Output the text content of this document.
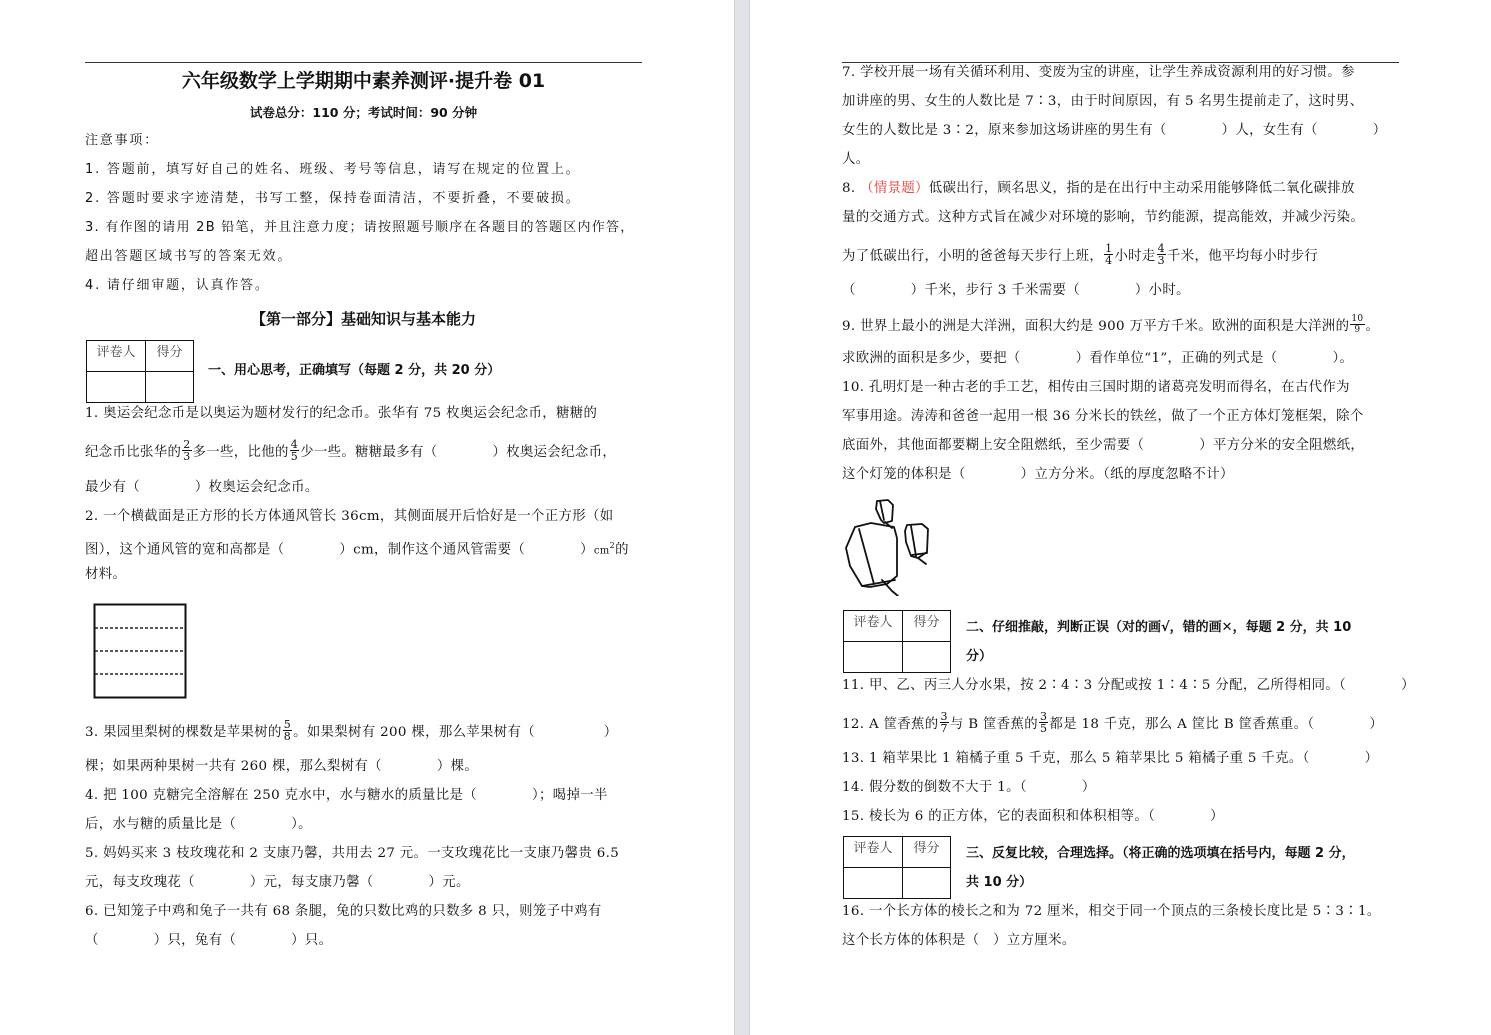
六年级数学上学期期中素养测评·提升卷 01
试卷总分：110 分；考试时间：90 分钟
注意事项：
1. 答题前，填写好自己的姓名、班级、考号等信息，请写在规定的位置上。
2. 答题时要求字迹清楚，书写工整，保持卷面清洁，不要折叠，不要破损。
3. 有作图的请用 2B 铅笔，并且注意力度；请按照题号顺序在各题目的答题区内作答，
超出答题区域书写的答案无效。
4. 请仔细审题，认真作答。
【第一部分】基础知识与基本能力
评卷人	得分

一、用心思考，正确填写（每题 2 分，共 20 分）
1. 奥运会纪念币是以奥运为题材发行的纪念币。张华有 75 枚奥运会纪念币，糖糖的
纪念币比张华的 $\frac{2}{3}$ 多一些，比他的 $\frac{4}{5}$ 少一些。糖糖最多有（　　　　）枚奥运会纪念币，
最少有（　　　　）枚奥运会纪念币。
2. 一个横截面是正方形的长方体通风管长 36cm，其侧面展开后恰好是一个正方形（如
图），这个通风管的宽和高都是（　　　　）cm，制作这个通风管需要（　　　　）$cm^2$的
材料。
3. 果园里梨树的棵数是苹果树的 $\frac{5}{8}$ 。如果梨树有 200 棵，那么苹果树有（　　　　　）
棵；如果两种果树一共有 260 棵，那么梨树有（　　　　）棵。
4. 把 100 克糖完全溶解在 250 克水中，水与糖水的质量比是（　　　　）；喝掉一半
后，水与糖的质量比是（　　　　）。
5. 妈妈买来 3 枝玫瑰花和 2 支康乃馨，共用去 27 元。一支玫瑰花比一支康乃馨贵 6.5
元，每支玫瑰花（　　　　）元，每支康乃馨（　　　　）元。
6. 已知笼子中鸡和兔子一共有 68 条腿，兔的只数比鸡的只数多 8 只，则笼子中鸡有
（　　　　）只，兔有（　　　　）只。
7. 学校开展一场有关循环利用、变废为宝的讲座，让学生养成资源利用的好习惯。参
加讲座的男、女生的人数比是 7∶3，由于时间原因，有 5 名男生提前走了，这时男、
女生的人数比是 3∶2，原来参加这场讲座的男生有（　　　　）人，女生有（　　　　）
人。
8. （情景题）低碳出行，顾名思义，指的是在出行中主动采用能够降低二氧化碳排放
量的交通方式。这种方式旨在减少对环境的影响，节约能源，提高能效，并减少污染。
为了低碳出行，小明的爸爸每天步行上班， $\frac{1}{4}$ 小时走 $\frac{4}{3}$ 千米，他平均每小时步行
（　　　　）千米，步行 3 千米需要（　　　　）小时。
9. 世界上最小的洲是大洋洲，面积大约是 900 万平方千米。欧洲的面积是大洋洲的 $\frac{10}{9}$ 。
求欧洲的面积是多少，要把（　　　　）看作单位“1”，正确的列式是（　　　　）。
10. 孔明灯是一种古老的手工艺，相传由三国时期的诸葛亮发明而得名，在古代作为
军事用途。涛涛和爸爸一起用一根 36 分米长的铁丝，做了一个正方体灯笼框架，除个
底面外，其他面都要糊上安全阻燃纸，至少需要（　　　　）平方分米的安全阻燃纸，
这个灯笼的体积是（　　　　）立方分米。（纸的厚度忽略不计）
评卷人	得分
	二、仔细推敲，判断正误（对的画√，错的画✕，每题 2 分，共 10
分）
11. 甲、乙、丙三人分水果，按 2∶4∶3 分配或按 1∶4∶5 分配，乙所得相同。（　　　　）
12. A 筐香蕉的 $\frac{3}{7}$ 与 B 筐香蕉的 $\frac{3}{5}$ 都是 18 千克，那么 A 筐比 B 筐香蕉重。（　　　　）
13. 1 箱苹果比 1 箱橘子重 5 千克，那么 5 箱苹果比 5 箱橘子重 5 千克。（　　　　）
14. 假分数的倒数不大于 1。（　　　　）
15. 棱长为 6 的正方体，它的表面积和体积相等。（　　　　）
评卷人	得分
	三、反复比较，合理选择。（将正确的选项填在括号内，每题 2 分，
共 10 分）
16. 一个长方体的棱长之和为 72 厘米，相交于同一个顶点的三条棱长度比是 5∶3∶1。
这个长方体的体积是（　）立方厘米。
